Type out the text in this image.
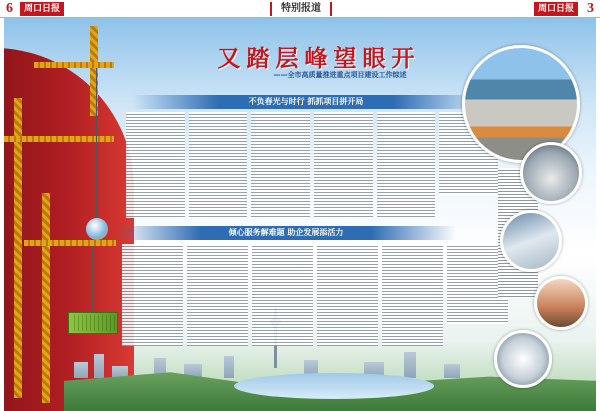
6	周口日报	特别报道	周口日报 3
又踏层峰望眼开
——全市高质量推进重点项目建设工作综述
不负春光与时行 抓抓项目拼开局
倾心服务解难题 助企发展添活力
